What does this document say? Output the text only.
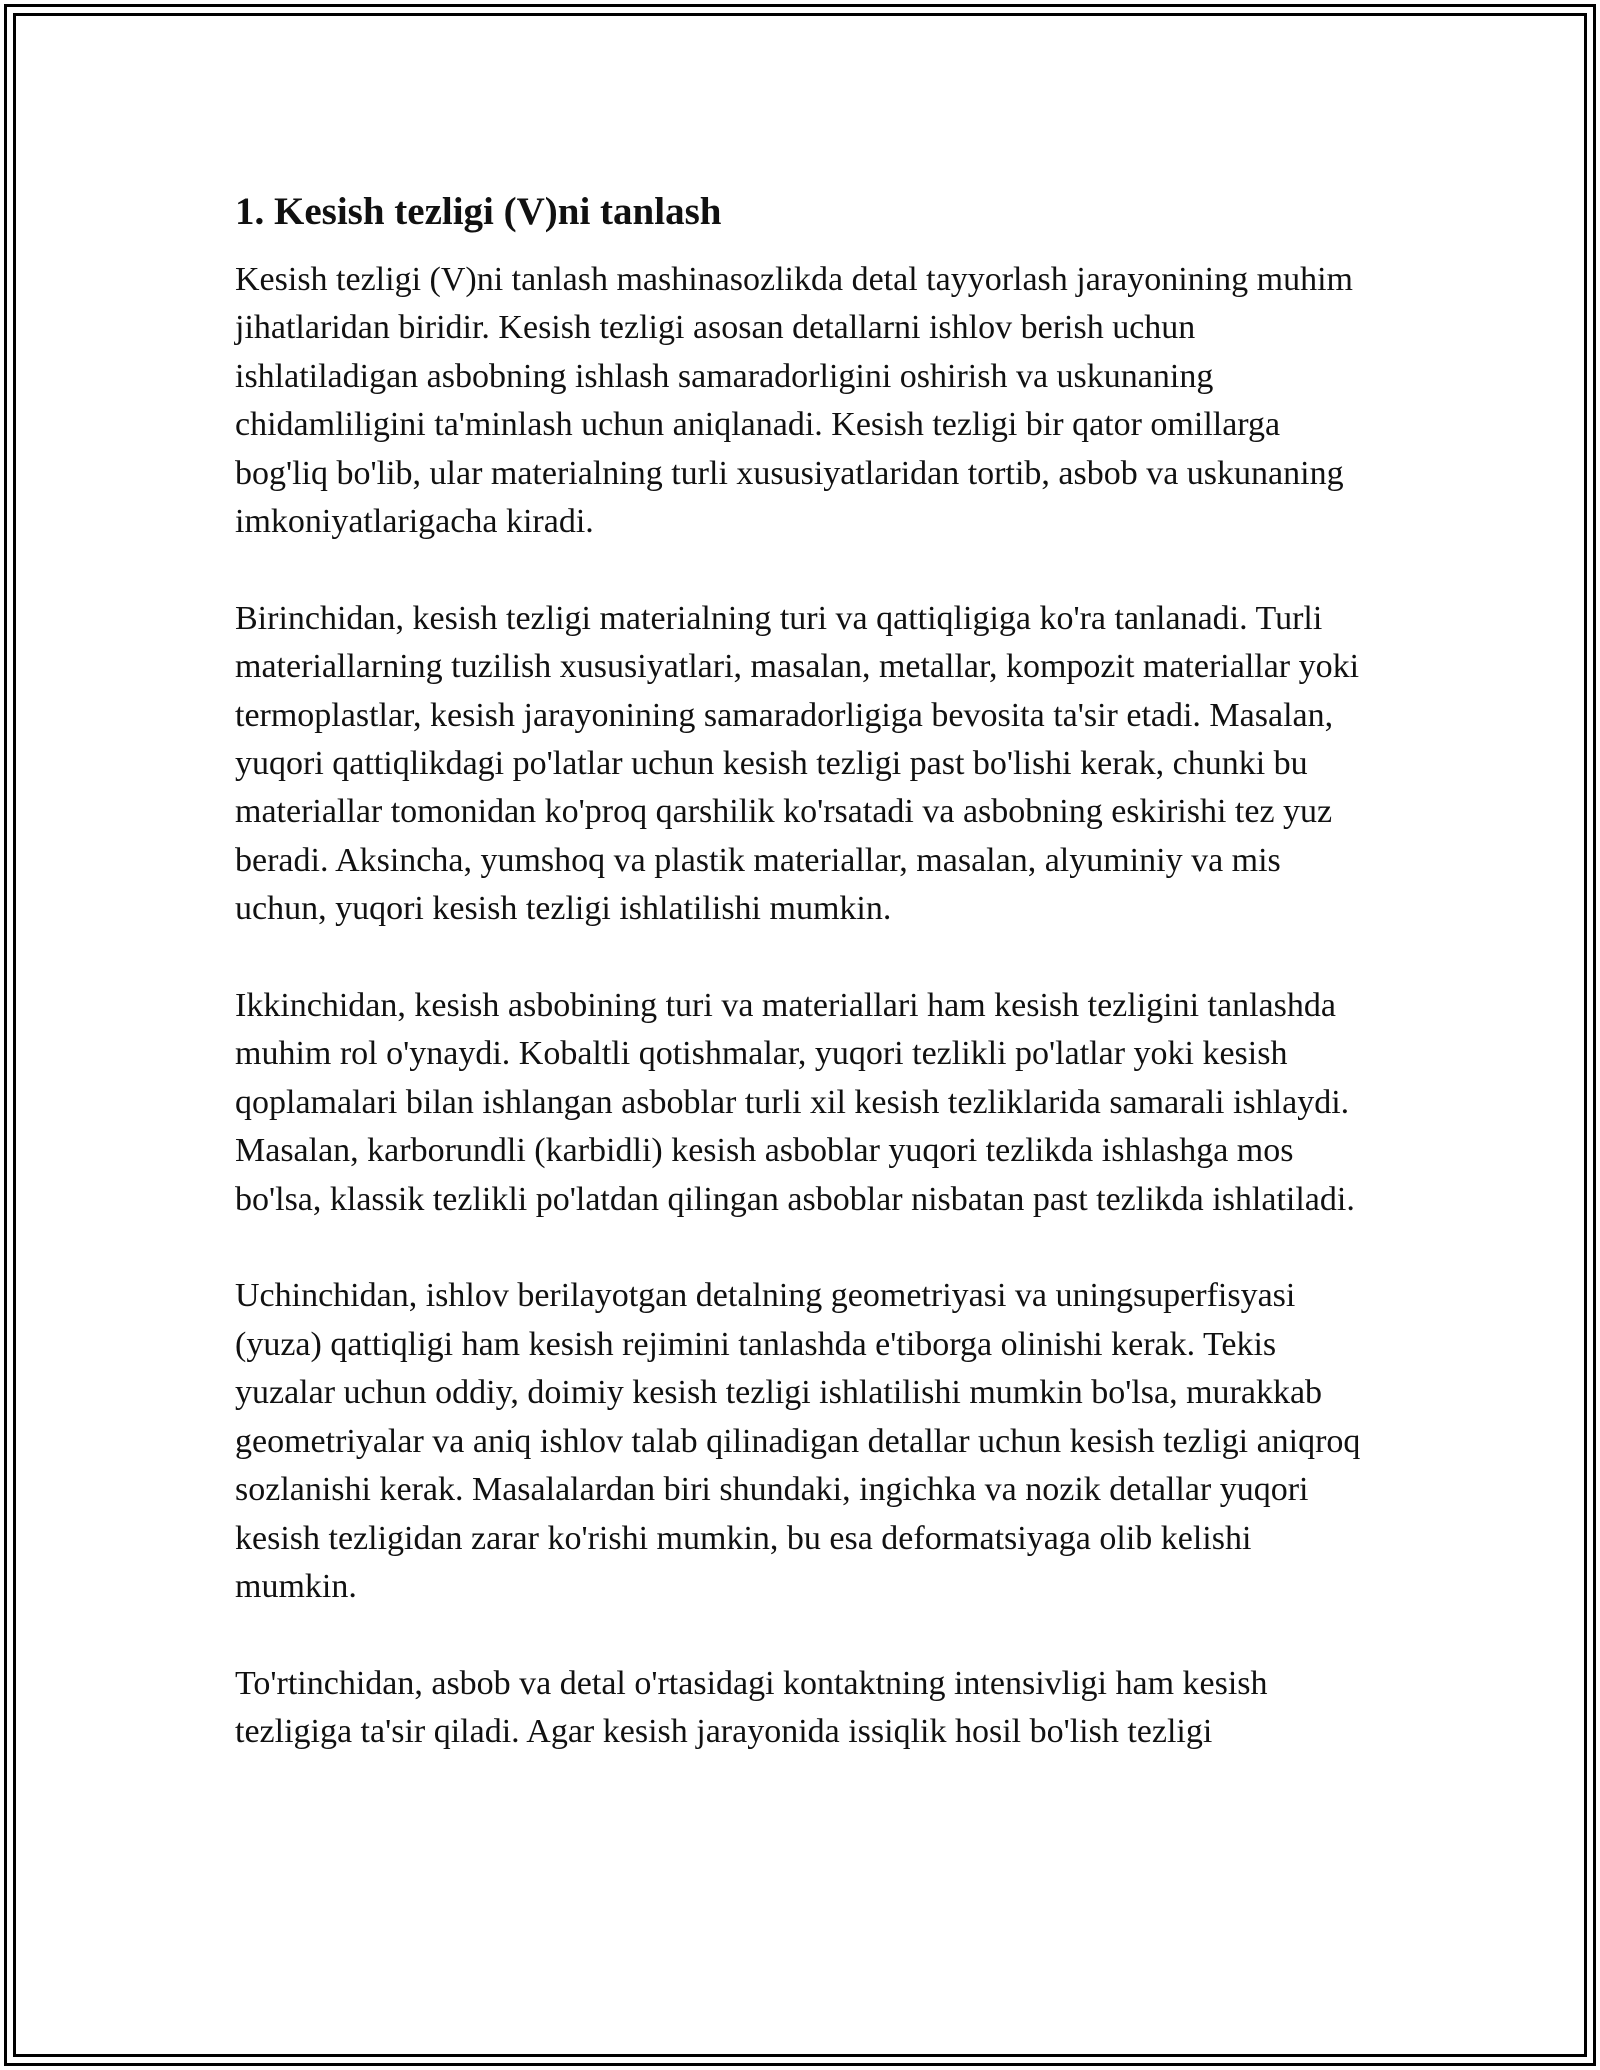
1. Kesish tezligi (V)ni tanlash

Kesish tezligi (V)ni tanlash mashinasozlikda detal tayyorlash jarayonining muhim jihatlaridan biridir. Kesish tezligi asosan detallarni ishlov berish uchun ishlatiladigan asbobning ishlash samaradorligini oshirish va uskunaning chidamliligini ta'minlash uchun aniqlanadi. Kesish tezligi bir qator omillarga bog'liq bo'lib, ular materialning turli xususiyatlaridan tortib, asbob va uskunaning imkoniyatlarigacha kiradi.

Birinchidan, kesish tezligi materialning turi va qattiqligiga ko'ra tanlanadi. Turli materiallarning tuzilish xususiyatlari, masalan, metallar, kompozit materiallar yoki termoplastlar, kesish jarayonining samaradorligiga bevosita ta'sir etadi. Masalan, yuqori qattiqlikdagi po'latlar uchun kesish tezligi past bo'lishi kerak, chunki bu materiallar tomonidan ko'proq qarshilik ko'rsatadi va asbobning eskirishi tez yuz beradi. Aksincha, yumshoq va plastik materiallar, masalan, alyuminiy va mis uchun, yuqori kesish tezligi ishlatilishi mumkin.

Ikkinchidan, kesish asbobining turi va materiallari ham kesish tezligini tanlashda muhim rol o'ynaydi. Kobaltli qotishmalar, yuqori tezlikli po'latlar yoki kesish qoplamalari bilan ishlangan asboblar turli xil kesish tezliklarida samarali ishlaydi. Masalan, karborundli (karbidli) kesish asboblar yuqori tezlikda ishlashga mos bo'lsa, klassik tezlikli po'latdan qilingan asboblar nisbatan past tezlikda ishlatiladi.

Uchinchidan, ishlov berilayotgan detalning geometriyasi va uningsuperfisyasi (yuza) qattiqligi ham kesish rejimini tanlashda e'tiborga olinishi kerak. Tekis yuzalar uchun oddiy, doimiy kesish tezligi ishlatilishi mumkin bo'lsa, murakkab geometriyalar va aniq ishlov talab qilinadigan detallar uchun kesish tezligi aniqroq sozlanishi kerak. Masalalardan biri shundaki, ingichka va nozik detallar yuqori kesish tezligidan zarar ko'rishi mumkin, bu esa deformatsiyaga olib kelishi mumkin.

To'rtinchidan, asbob va detal o'rtasidagi kontaktning intensivligi ham kesish tezligiga ta'sir qiladi. Agar kesish jarayonida issiqlik hosil bo'lish tezligi
